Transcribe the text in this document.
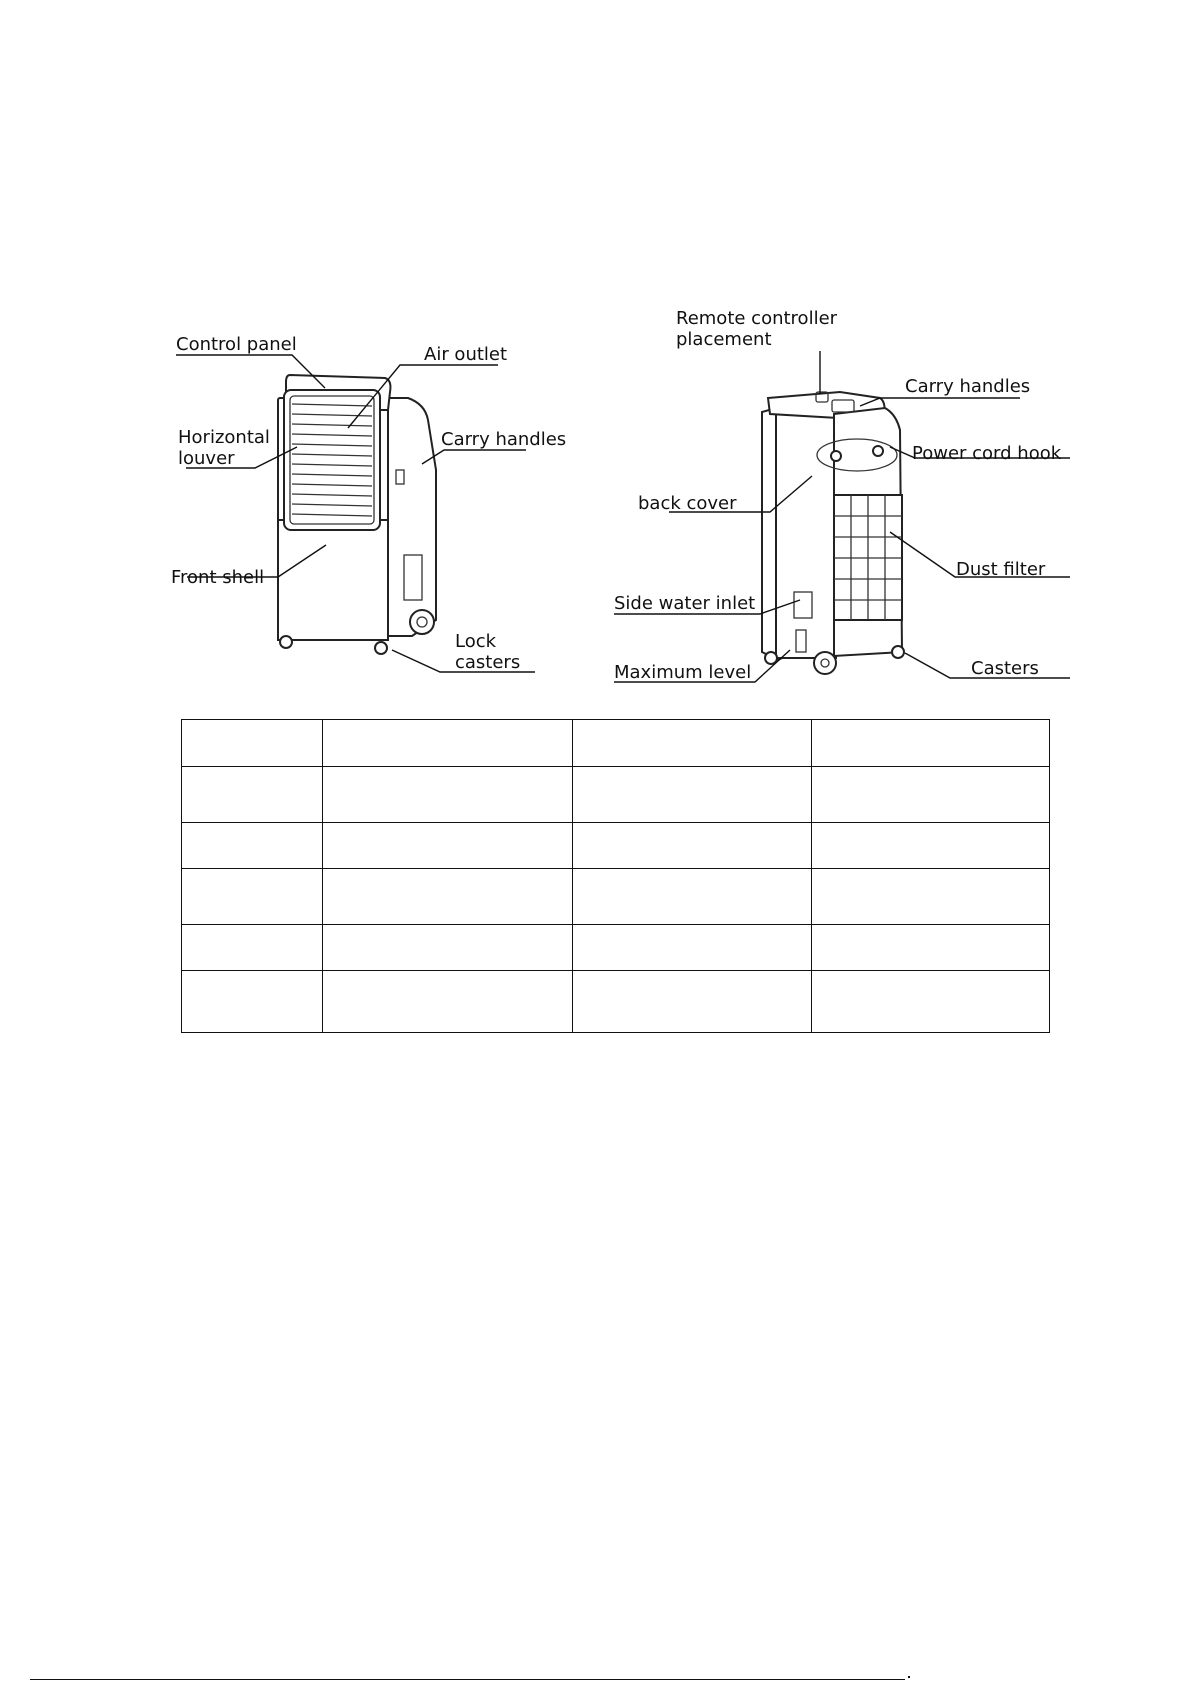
Control panel	Air outlet
Horizontal
louver
Carry handles
Front shell
Lock
casters
Remote controller
placement
Carry handles
Power cord hook
back cover
Dust filter
Side water inlet
Maximum level	Casters
